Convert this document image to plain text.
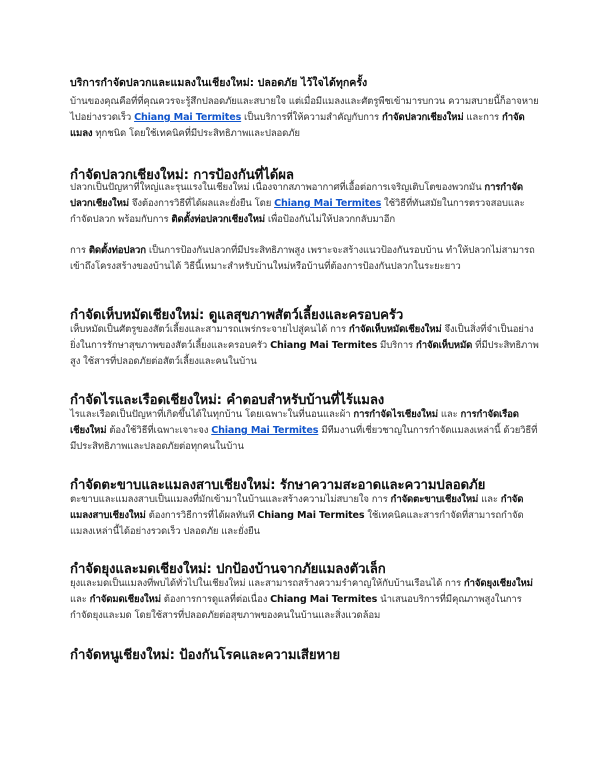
บริการกำจัดปลวกและแมลงในเชียงใหม่: ปลอดภัย ไว้ใจได้ทุกครั้ง

บ้านของคุณคือที่ที่คุณควรจะรู้สึกปลอดภัยและสบายใจ แต่เมื่อมีแมลงและศัตรูพืชเข้ามารบกวน ความสบายนี้ก็อาจหายไปอย่างรวดเร็ว Chiang Mai Termites เป็นบริการที่ให้ความสำคัญกับการ กำจัดปลวกเชียงใหม่ และการ กำจัดแมลง ทุกชนิด โดยใช้เทคนิคที่มีประสิทธิภาพและปลอดภัย

กำจัดปลวกเชียงใหม่: การป้องกันที่ได้ผล

ปลวกเป็นปัญหาที่ใหญ่และรุนแรงในเชียงใหม่ เนื่องจากสภาพอากาศที่เอื้อต่อการเจริญเติบโตของพวกมัน การกำจัดปลวกเชียงใหม่ จึงต้องการวิธีที่ได้ผลและยั่งยืน โดย Chiang Mai Termites ใช้วิธีที่ทันสมัยในการตรวจสอบและกำจัดปลวก พร้อมกับการ ติดตั้งท่อปลวกเชียงใหม่ เพื่อป้องกันไม่ให้ปลวกกลับมาอีก

การ ติดตั้งท่อปลวก เป็นการป้องกันปลวกที่มีประสิทธิภาพสูง เพราะจะสร้างแนวป้องกันรอบบ้าน ทำให้ปลวกไม่สามารถเข้าถึงโครงสร้างของบ้านได้ วิธีนี้เหมาะสำหรับบ้านใหม่หรือบ้านที่ต้องการป้องกันปลวกในระยะยาว

กำจัดเห็บหมัดเชียงใหม่: ดูแลสุขภาพสัตว์เลี้ยงและครอบครัว

เห็บหมัดเป็นศัตรูของสัตว์เลี้ยงและสามารถแพร่กระจายไปสู่คนได้ การ กำจัดเห็บหมัดเชียงใหม่ จึงเป็นสิ่งที่จำเป็นอย่างยิ่งในการรักษาสุขภาพของสัตว์เลี้ยงและครอบครัว Chiang Mai Termites มีบริการ กำจัดเห็บหมัด ที่มีประสิทธิภาพสูง ใช้สารที่ปลอดภัยต่อสัตว์เลี้ยงและคนในบ้าน

กำจัดไรและเรือดเชียงใหม่: คำตอบสำหรับบ้านที่ไร้แมลง

ไรและเรือดเป็นปัญหาที่เกิดขึ้นได้ในทุกบ้าน โดยเฉพาะในที่นอนและผ้า การกำจัดไรเชียงใหม่ และ การกำจัดเรือดเชียงใหม่ ต้องใช้วิธีที่เฉพาะเจาะจง Chiang Mai Termites มีทีมงานที่เชี่ยวชาญในการกำจัดแมลงเหล่านี้ ด้วยวิธีที่มีประสิทธิภาพและปลอดภัยต่อทุกคนในบ้าน

กำจัดตะขาบและแมลงสาบเชียงใหม่: รักษาความสะอาดและความปลอดภัย

ตะขาบและแมลงสาบเป็นแมลงที่มักเข้ามาในบ้านและสร้างความไม่สบายใจ การ กำจัดตะขาบเชียงใหม่ และ กำจัดแมลงสาบเชียงใหม่ ต้องการวิธีการที่ได้ผลทันที Chiang Mai Termites ใช้เทคนิคและสารกำจัดที่สามารถกำจัดแมลงเหล่านี้ได้อย่างรวดเร็ว ปลอดภัย และยั่งยืน

กำจัดยุงและมดเชียงใหม่: ปกป้องบ้านจากภัยแมลงตัวเล็ก

ยุงและมดเป็นแมลงที่พบได้ทั่วไปในเชียงใหม่ และสามารถสร้างความรำคาญให้กับบ้านเรือนได้ การ กำจัดยุงเชียงใหม่ และ กำจัดมดเชียงใหม่ ต้องการการดูแลที่ต่อเนื่อง Chiang Mai Termites นำเสนอบริการที่มีคุณภาพสูงในการกำจัดยุงและมด โดยใช้สารที่ปลอดภัยต่อสุขภาพของคนในบ้านและสิ่งแวดล้อม

กำจัดหนูเชียงใหม่: ป้องกันโรคและความเสียหาย
